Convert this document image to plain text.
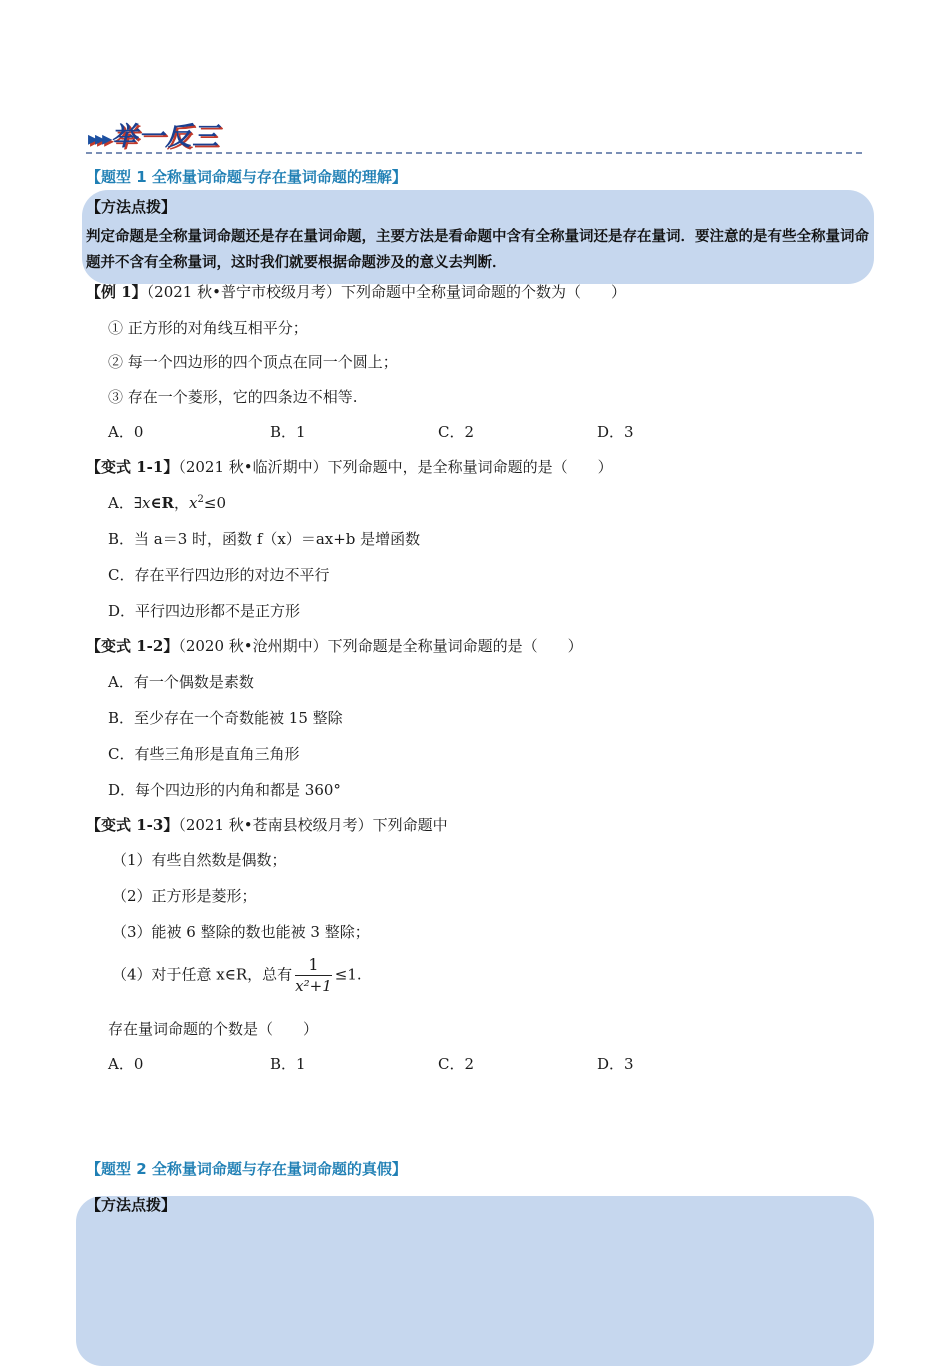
▸▸▸举一反三
【题型 1 全称量词命题与存在量词命题的理解】
【方法点拨】
判定命题是全称量词命题还是存在量词命题，主要方法是看命题中含有全称量词还是存在量词．要注意的是有些全称量词命题并不含有全称量词，这时我们就要根据命题涉及的意义去判断．
【例 1】（2021 秋•普宁市校级月考）下列命题中全称量词命题的个数为（　　）
① 正方形的对角线互相平分；
② 每一个四边形的四个顶点在同一个圆上；
③ 存在一个菱形，它的四条边不相等.
A．0	B．1	C．2	D．3
【变式 1-1】（2021 秋•临沂期中）下列命题中，是全称量词命题的是（　　）
A．∃x∈R，$x^2\le 0$
B．当 a＝3 时，函数 f（x）＝ax+b 是增函数
C．存在平行四边形的对边不平行
D．平行四边形都不是正方形
【变式 1-2】（2020 秋•沧州期中）下列命题是全称量词命题的是（　　）
A．有一个偶数是素数
B．至少存在一个奇数能被 15 整除
C．有些三角形是直角三角形
D．每个四边形的内角和都是 360°
【变式 1-3】（2021 秋•苍南县校级月考）下列命题中
（1）有些自然数是偶数；
（2）正方形是菱形；
（3）能被 6 整除的数也能被 3 整除；
（4）对于任意 x∈R，总有 $\frac{1}{\text{x²+1}} \le 1$.
存在量词命题的个数是（　　）
A．0	B．1	C．2	D．3
【题型 2 全称量词命题与存在量词命题的真假】
【方法点拨】
